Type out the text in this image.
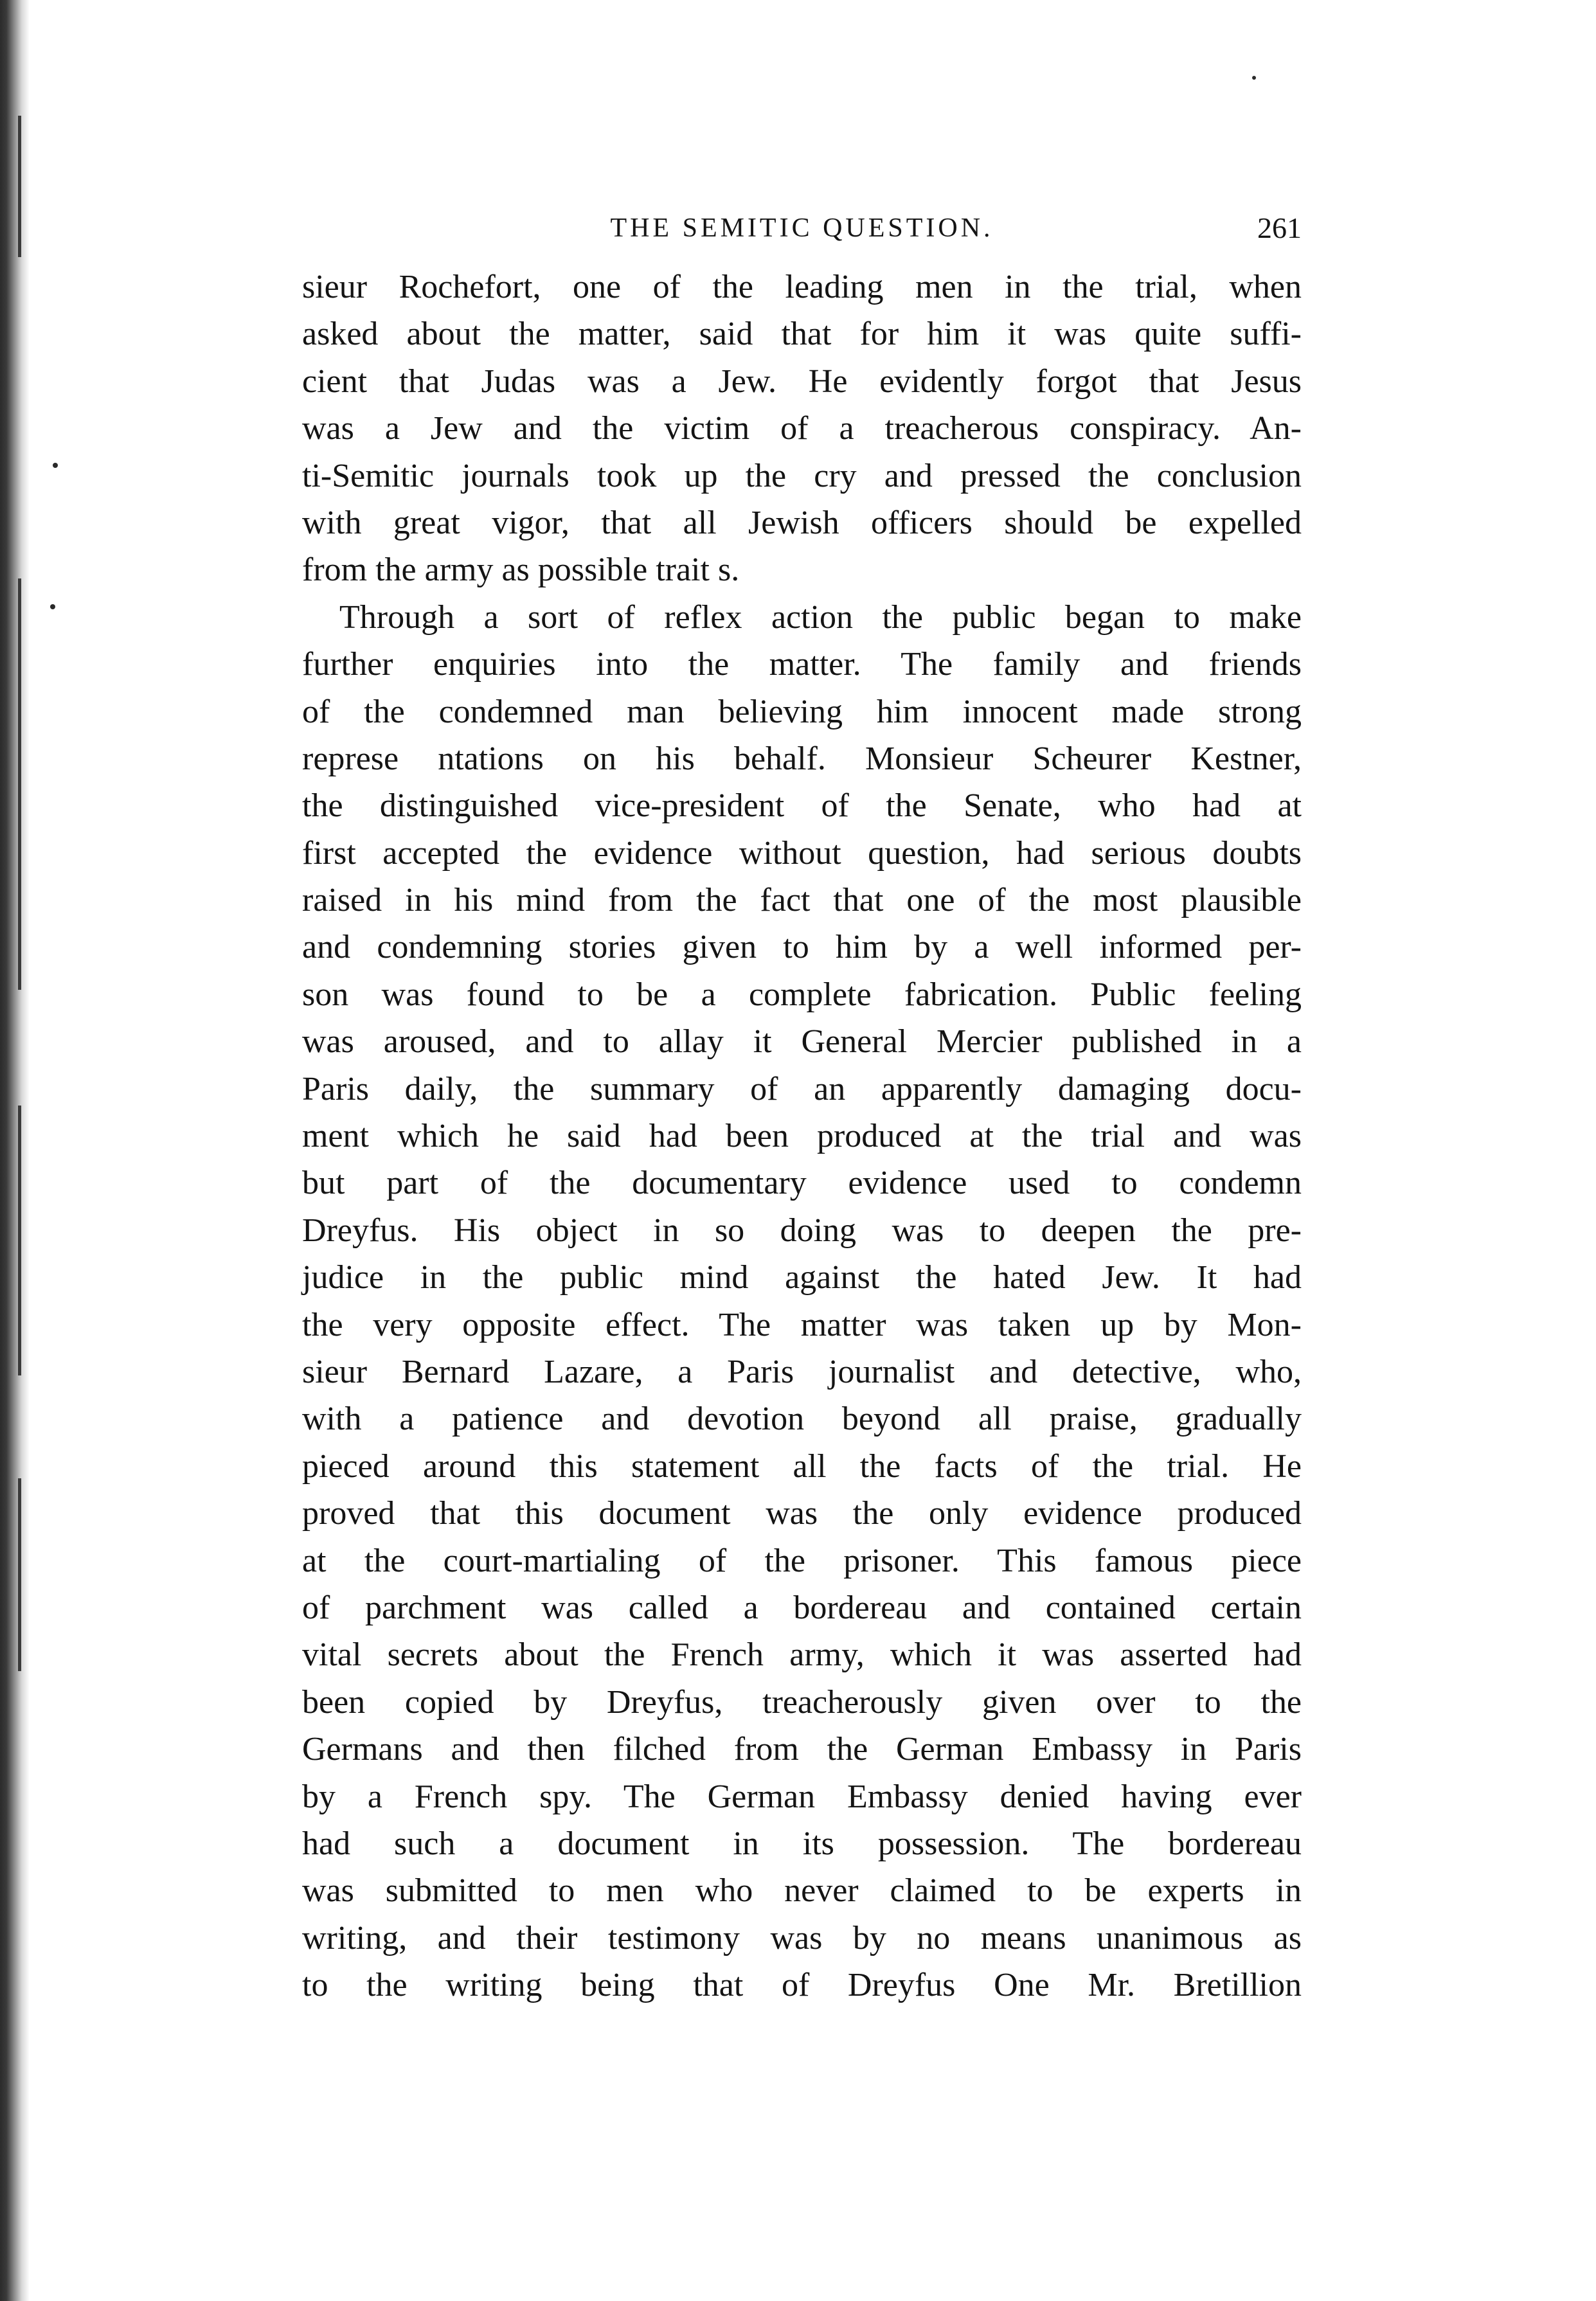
THE SEMITIC QUESTION.	261
sieur Rochefort, one of the leading men in the trial, when
asked about the matter, said that for him it was quite suffi-
cient that Judas was a Jew. He evidently forgot that Jesus
was a Jew and the victim of a treacherous conspiracy. An-
ti-Semitic journals took up the cry and pressed the conclusion
with great vigor, that all Jewish officers should be expelled
from the army as possible trait s.
Through a sort of reflex action the public began to make
further enquiries into the matter. The family and friends
of the condemned man believing him innocent made strong
represe ntations on his behalf. Monsieur Scheurer Kestner,
the distinguished vice-president of the Senate, who had at
first accepted the evidence without question, had serious doubts
raised in his mind from the fact that one of the most plausible
and condemning stories given to him by a well informed per-
son was found to be a complete fabrication. Public feeling
was aroused, and to allay it General Mercier published in a
Paris daily, the summary of an apparently damaging docu-
ment which he said had been produced at the trial and was
but part of the documentary evidence used to condemn
Dreyfus. His object in so doing was to deepen the pre-
judice in the public mind against the hated Jew. It had
the very opposite effect. The matter was taken up by Mon-
sieur Bernard Lazare, a Paris journalist and detective, who,
with a patience and devotion beyond all praise, gradually
pieced around this statement all the facts of the trial. He
proved that this document was the only evidence produced
at the court-martialing of the prisoner. This famous piece
of parchment was called a bordereau and contained certain
vital secrets about the French army, which it was asserted had
been copied by Dreyfus, treacherously given over to the
Germans and then filched from the German Embassy in Paris
by a French spy. The German Embassy denied having ever
had such a document in its possession. The bordereau
was submitted to men who never claimed to be experts in
writing, and their testimony was by no means unanimous as
to the writing being that of Dreyfus One Mr. Bretillion
